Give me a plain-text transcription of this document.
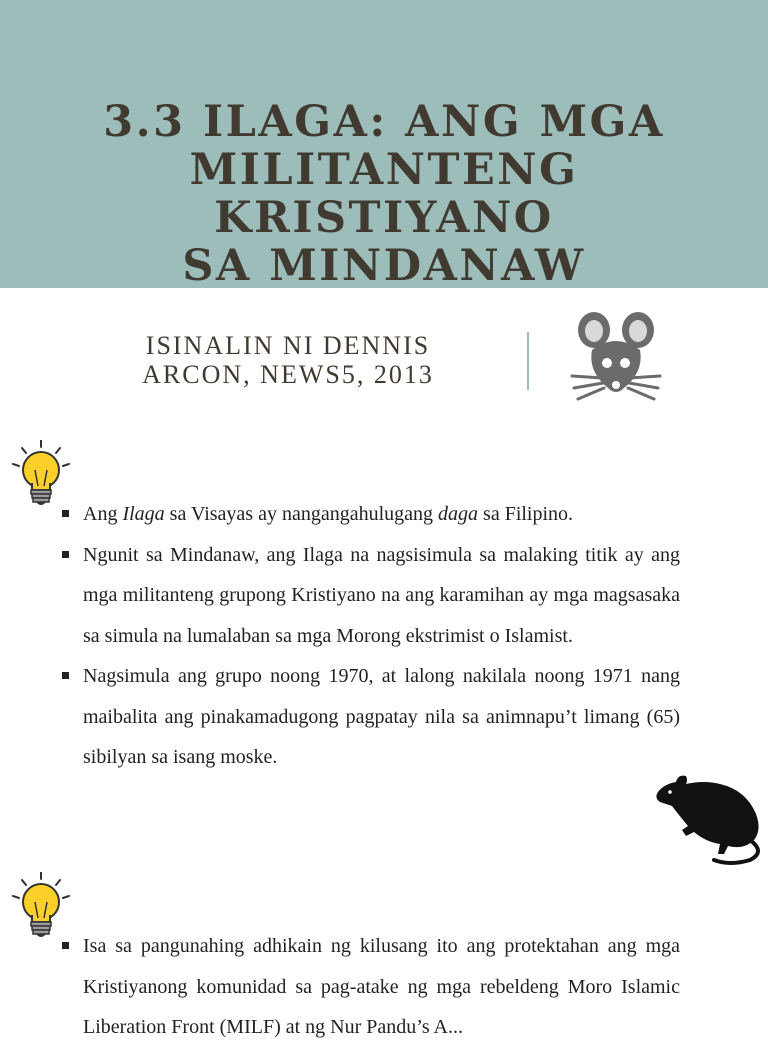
3.3 ILAGA: ANG MGA
MILITANTENG KRISTIYANO
SA MINDANAW
ISINALIN NI DENNIS
ARCON, NEWS5, 2013
Ang Ilaga sa Visayas ay nangangahulugang daga sa Filipino.
Ngunit sa Mindanaw, ang Ilaga na nagsisimula sa malaking titik ay ang mga militanteng grupong Kristiyano na ang karamihan ay mga magsasaka sa simula na lumalaban sa mga Morong ekstrimist o Islamist.
Nagsimula ang grupo noong 1970, at lalong nakilala noong 1971 nang maibalita ang pinakamadugong pagpatay nila sa animnapu’t limang (65) sibilyan sa isang moske.
Isa sa pangunahing adhikain ng kilusang ito ang protektahan ang mga Kristiyanong komunidad sa pag-atake ng mga rebeldeng Moro Islamic Liberation Front (MILF) at ng Nur Pandu’s A...
